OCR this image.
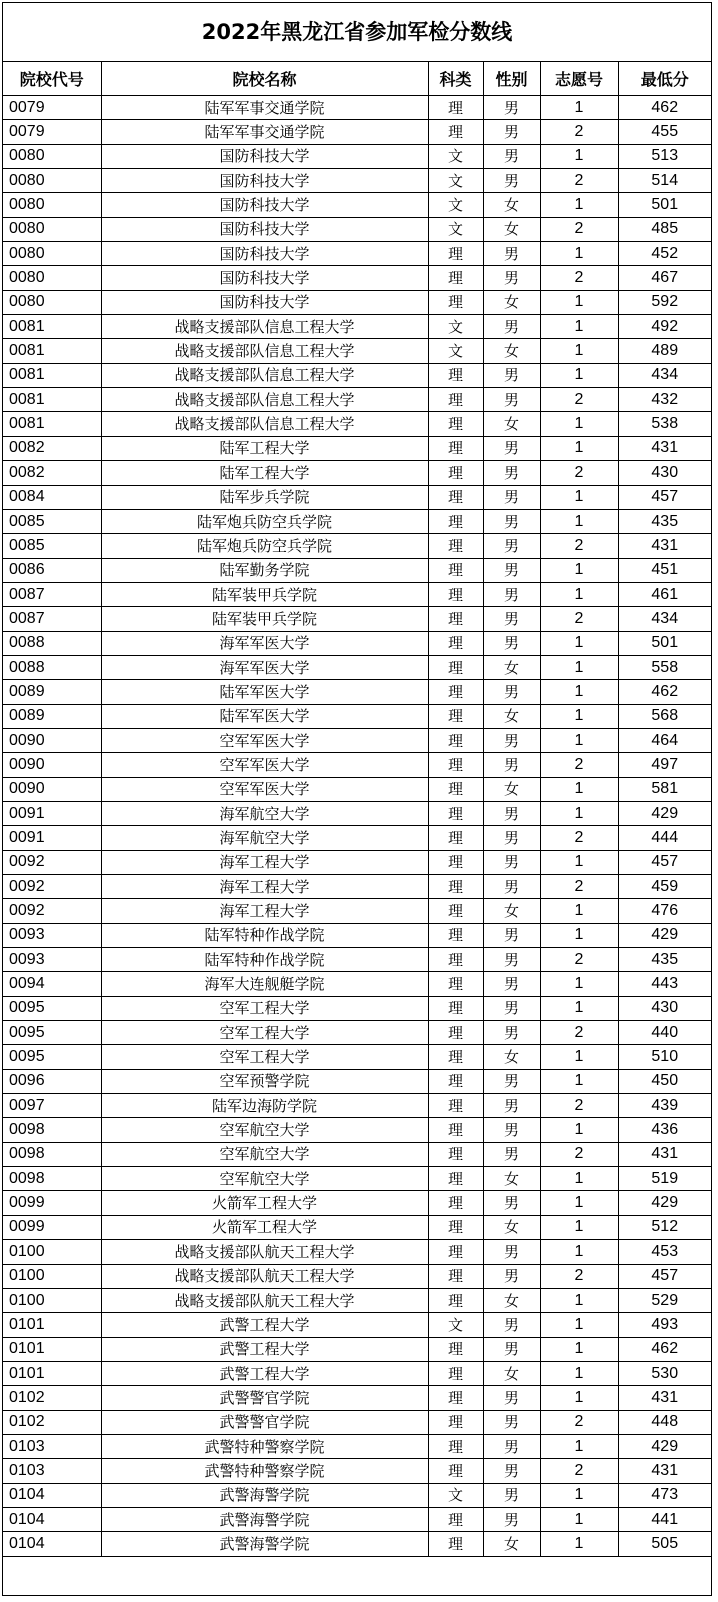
2022年黑龙江省参加军检分数线
院校代号	院校名称	科类	性别	志愿号	最低分
0079	陆军军事交通学院	理	男	1	462
0079	陆军军事交通学院	理	男	2	455
0080	国防科技大学	文	男	1	513
0080	国防科技大学	文	男	2	514
0080	国防科技大学	文	女	1	501
0080	国防科技大学	文	女	2	485
0080	国防科技大学	理	男	1	452
0080	国防科技大学	理	男	2	467
0080	国防科技大学	理	女	1	592
0081	战略支援部队信息工程大学	文	男	1	492
0081	战略支援部队信息工程大学	文	女	1	489
0081	战略支援部队信息工程大学	理	男	1	434
0081	战略支援部队信息工程大学	理	男	2	432
0081	战略支援部队信息工程大学	理	女	1	538
0082	陆军工程大学	理	男	1	431
0082	陆军工程大学	理	男	2	430
0084	陆军步兵学院	理	男	1	457
0085	陆军炮兵防空兵学院	理	男	1	435
0085	陆军炮兵防空兵学院	理	男	2	431
0086	陆军勤务学院	理	男	1	451
0087	陆军装甲兵学院	理	男	1	461
0087	陆军装甲兵学院	理	男	2	434
0088	海军军医大学	理	男	1	501
0088	海军军医大学	理	女	1	558
0089	陆军军医大学	理	男	1	462
0089	陆军军医大学	理	女	1	568
0090	空军军医大学	理	男	1	464
0090	空军军医大学	理	男	2	497
0090	空军军医大学	理	女	1	581
0091	海军航空大学	理	男	1	429
0091	海军航空大学	理	男	2	444
0092	海军工程大学	理	男	1	457
0092	海军工程大学	理	男	2	459
0092	海军工程大学	理	女	1	476
0093	陆军特种作战学院	理	男	1	429
0093	陆军特种作战学院	理	男	2	435
0094	海军大连舰艇学院	理	男	1	443
0095	空军工程大学	理	男	1	430
0095	空军工程大学	理	男	2	440
0095	空军工程大学	理	女	1	510
0096	空军预警学院	理	男	1	450
0097	陆军边海防学院	理	男	2	439
0098	空军航空大学	理	男	1	436
0098	空军航空大学	理	男	2	431
0098	空军航空大学	理	女	1	519
0099	火箭军工程大学	理	男	1	429
0099	火箭军工程大学	理	女	1	512
0100	战略支援部队航天工程大学	理	男	1	453
0100	战略支援部队航天工程大学	理	男	2	457
0100	战略支援部队航天工程大学	理	女	1	529
0101	武警工程大学	文	男	1	493
0101	武警工程大学	理	男	1	462
0101	武警工程大学	理	女	1	530
0102	武警警官学院	理	男	1	431
0102	武警警官学院	理	男	2	448
0103	武警特种警察学院	理	男	1	429
0103	武警特种警察学院	理	男	2	431
0104	武警海警学院	文	男	1	473
0104	武警海警学院	理	男	1	441
0104	武警海警学院	理	女	1	505
